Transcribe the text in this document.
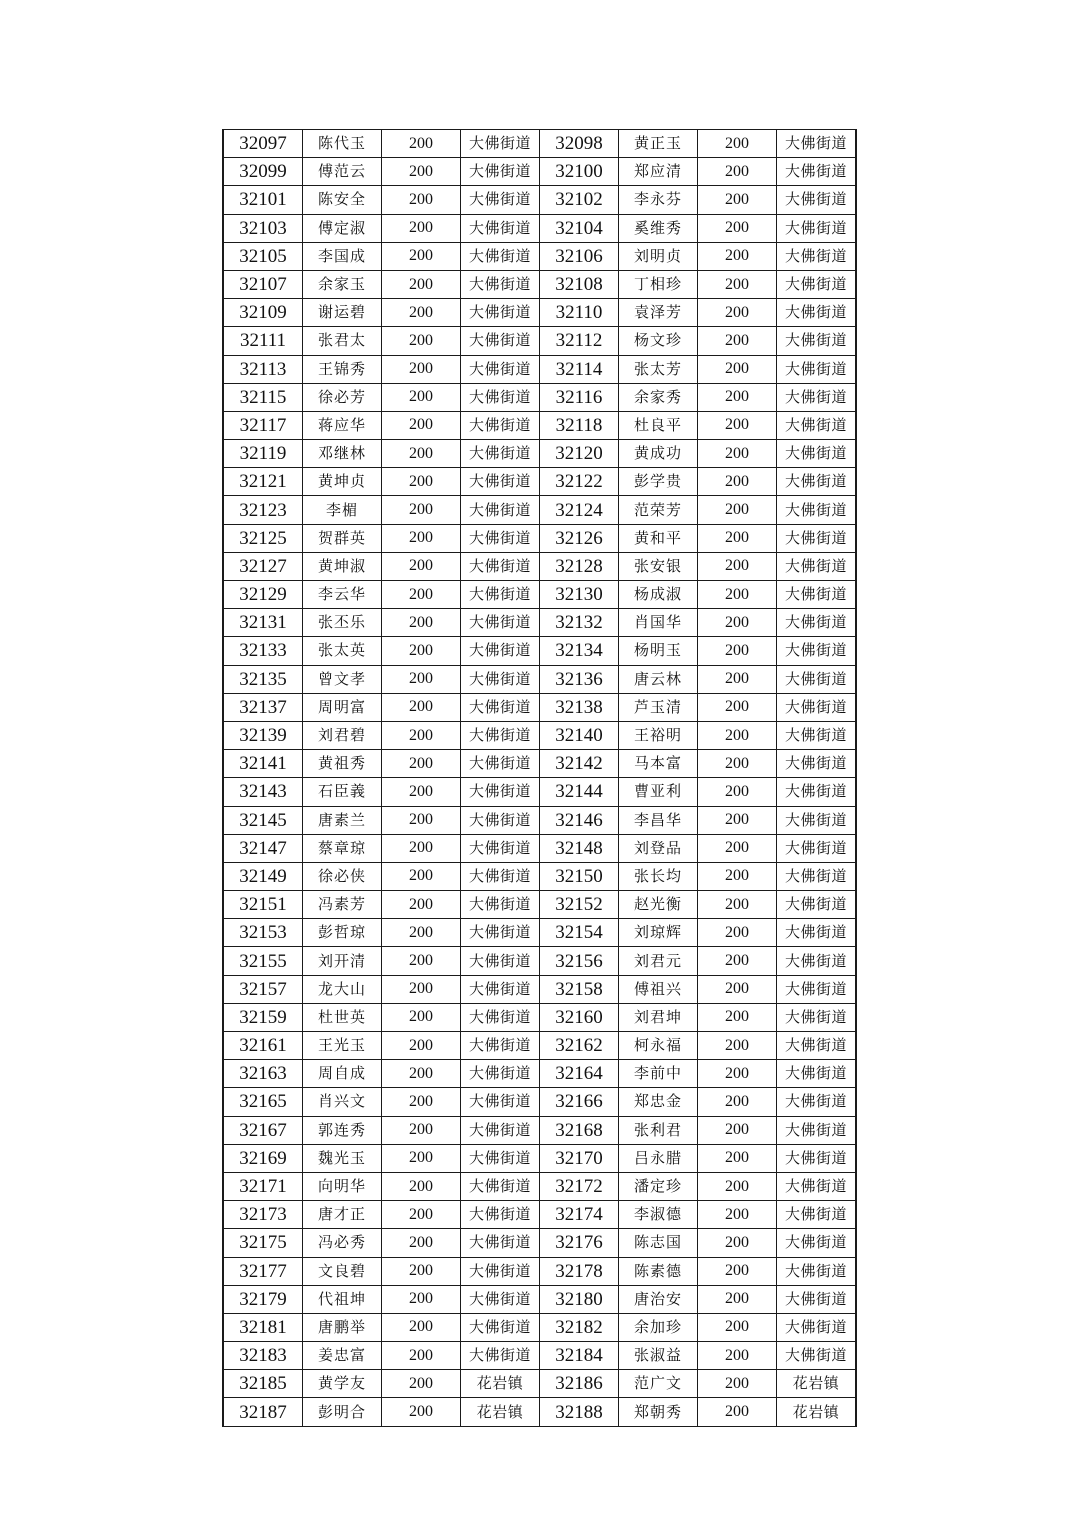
32097	陈代玉	200	大佛街道	32098	黄正玉	200	大佛街道
32099	傅范云	200	大佛街道	32100	郑应清	200	大佛街道
32101	陈安全	200	大佛街道	32102	李永芬	200	大佛街道
32103	傅定淑	200	大佛街道	32104	奚维秀	200	大佛街道
32105	李国成	200	大佛街道	32106	刘明贞	200	大佛街道
32107	余家玉	200	大佛街道	32108	丁相珍	200	大佛街道
32109	谢运碧	200	大佛街道	32110	袁泽芳	200	大佛街道
32111	张君太	200	大佛街道	32112	杨文珍	200	大佛街道
32113	王锦秀	200	大佛街道	32114	张太芳	200	大佛街道
32115	徐必芳	200	大佛街道	32116	余家秀	200	大佛街道
32117	蒋应华	200	大佛街道	32118	杜良平	200	大佛街道
32119	邓继林	200	大佛街道	32120	黄成功	200	大佛街道
32121	黄坤贞	200	大佛街道	32122	彭学贵	200	大佛街道
32123	李楣	200	大佛街道	32124	范荣芳	200	大佛街道
32125	贺群英	200	大佛街道	32126	黄和平	200	大佛街道
32127	黄坤淑	200	大佛街道	32128	张安银	200	大佛街道
32129	李云华	200	大佛街道	32130	杨成淑	200	大佛街道
32131	张丕乐	200	大佛街道	32132	肖国华	200	大佛街道
32133	张太英	200	大佛街道	32134	杨明玉	200	大佛街道
32135	曾文孝	200	大佛街道	32136	唐云林	200	大佛街道
32137	周明富	200	大佛街道	32138	芦玉清	200	大佛街道
32139	刘君碧	200	大佛街道	32140	王裕明	200	大佛街道
32141	黄祖秀	200	大佛街道	32142	马本富	200	大佛街道
32143	石臣義	200	大佛街道	32144	曹亚利	200	大佛街道
32145	唐素兰	200	大佛街道	32146	李昌华	200	大佛街道
32147	蔡章琼	200	大佛街道	32148	刘登品	200	大佛街道
32149	徐必侠	200	大佛街道	32150	张长均	200	大佛街道
32151	冯素芳	200	大佛街道	32152	赵光衡	200	大佛街道
32153	彭哲琼	200	大佛街道	32154	刘琼辉	200	大佛街道
32155	刘开清	200	大佛街道	32156	刘君元	200	大佛街道
32157	龙大山	200	大佛街道	32158	傅祖兴	200	大佛街道
32159	杜世英	200	大佛街道	32160	刘君坤	200	大佛街道
32161	王光玉	200	大佛街道	32162	柯永福	200	大佛街道
32163	周自成	200	大佛街道	32164	李前中	200	大佛街道
32165	肖兴文	200	大佛街道	32166	郑忠金	200	大佛街道
32167	郭连秀	200	大佛街道	32168	张利君	200	大佛街道
32169	魏光玉	200	大佛街道	32170	吕永腊	200	大佛街道
32171	向明华	200	大佛街道	32172	潘定珍	200	大佛街道
32173	唐才正	200	大佛街道	32174	李淑德	200	大佛街道
32175	冯必秀	200	大佛街道	32176	陈志国	200	大佛街道
32177	文良碧	200	大佛街道	32178	陈素德	200	大佛街道
32179	代祖坤	200	大佛街道	32180	唐治安	200	大佛街道
32181	唐鹏举	200	大佛街道	32182	余加珍	200	大佛街道
32183	姜忠富	200	大佛街道	32184	张淑益	200	大佛街道
32185	黄学友	200	花岩镇	32186	范广文	200	花岩镇
32187	彭明合	200	花岩镇	32188	郑朝秀	200	花岩镇
